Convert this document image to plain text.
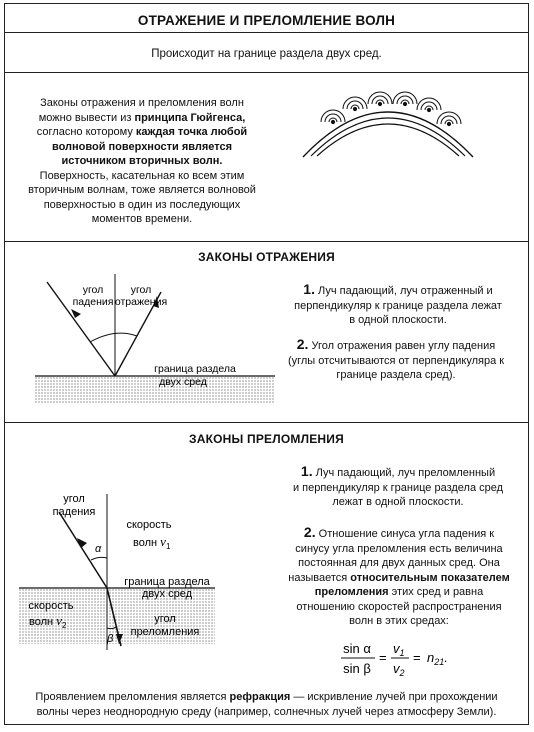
ОТРАЖЕНИЕ И ПРЕЛОМЛЕНИЕ ВОЛН
Происходит на границе раздела двух сред.
Законы отражения и преломления волн
можно вывести из принципа Гюйгенса,
согласно которому каждая точка любой
волновой поверхности является
источником вторичных волн.
Поверхность, касательная ко всем этим
вторичным волнам, тоже является волновой
поверхностью в один из последующих
моментов времени.
ЗАКОНЫ ОТРАЖЕНИЯ
угол
падения
угол
отражения
граница раздела
двух сред
1. Луч падающий, луч отраженный и
перпендикуляр к границе раздела лежат
в одной плоскости.
2. Угол отражения равен углу падения
(углы отсчитываются от перпендикуляра к
границе раздела сред).
ЗАКОНЫ ПРЕЛОМЛЕНИЯ
угол
падения
α
скорость
волн $v_1$
граница раздела
двух сред
скорость
волн $v_2$
β
угол
преломления
1. Луч падающий, луч преломленный
и перпендикуляр к границе раздела сред
лежат в одной плоскости.
2. Отношение синуса угла падения к
синусу угла преломления есть величина
постоянная для двух данных сред. Она
называется относительным показателем
преломления этих сред и равна
отношению скоростей распространения
волн в этих средах:
sin α
sin β
=
$v_1$
$v_2$
= $n_{21}$.
Проявлением преломления является рефракция — искривление лучей при прохождении
волны через неоднородную среду (например, солнечных лучей через атмосферу Земли).
